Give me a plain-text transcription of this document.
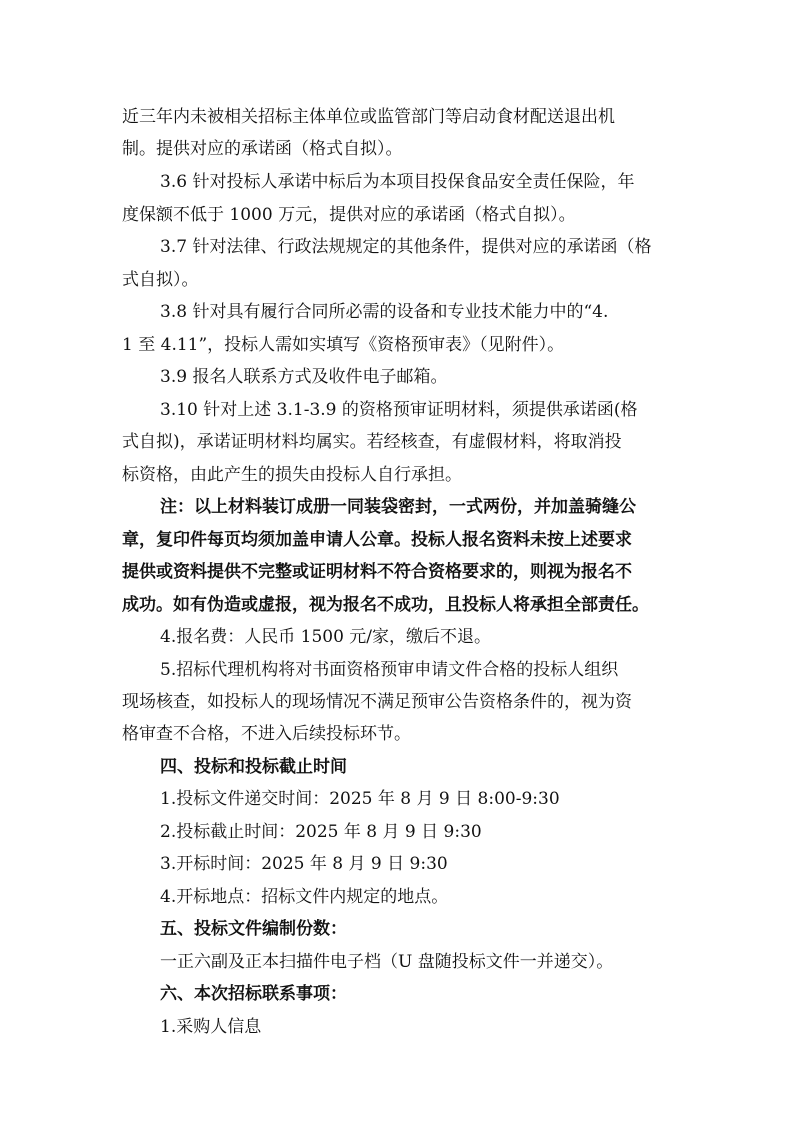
近三年内未被相关招标主体单位或监管部门等启动食材配送退出机
制。提供对应的承诺函（格式自拟）。
3.6 针对投标人承诺中标后为本项目投保食品安全责任保险，年
度保额不低于 1000 万元，提供对应的承诺函（格式自拟）。
3.7 针对法律、行政法规规定的其他条件，提供对应的承诺函（格
式自拟）。
3.8 针对具有履行合同所必需的设备和专业技术能力中的“4.
1 至 4.11”，投标人需如实填写《资格预审表》（见附件）。
3.9 报名人联系方式及收件电子邮箱。
3.10 针对上述 3.1-3.9 的资格预审证明材料，须提供承诺函(格
式自拟)，承诺证明材料均属实。若经核查，有虚假材料，将取消投
标资格，由此产生的损失由投标人自行承担。
注：以上材料装订成册一同装袋密封，一式两份，并加盖骑缝公
章，复印件每页均须加盖申请人公章。投标人报名资料未按上述要求
提供或资料提供不完整或证明材料不符合资格要求的，则视为报名不
成功。如有伪造或虚报，视为报名不成功，且投标人将承担全部责任。
4.报名费：人民币 1500 元/家，缴后不退。
5.招标代理机构将对书面资格预审申请文件合格的投标人组织
现场核查，如投标人的现场情况不满足预审公告资格条件的，视为资
格审查不合格，不进入后续投标环节。
四、投标和投标截止时间
1.投标文件递交时间：2025 年 8 月 9 日 8:00-9:30
2.投标截止时间：2025 年 8 月 9 日 9:30
3.开标时间：2025 年 8 月 9 日 9:30
4.开标地点：招标文件内规定的地点。
五、投标文件编制份数：
一正六副及正本扫描件电子档（U 盘随投标文件一并递交）。
六、本次招标联系事项：
1.采购人信息
